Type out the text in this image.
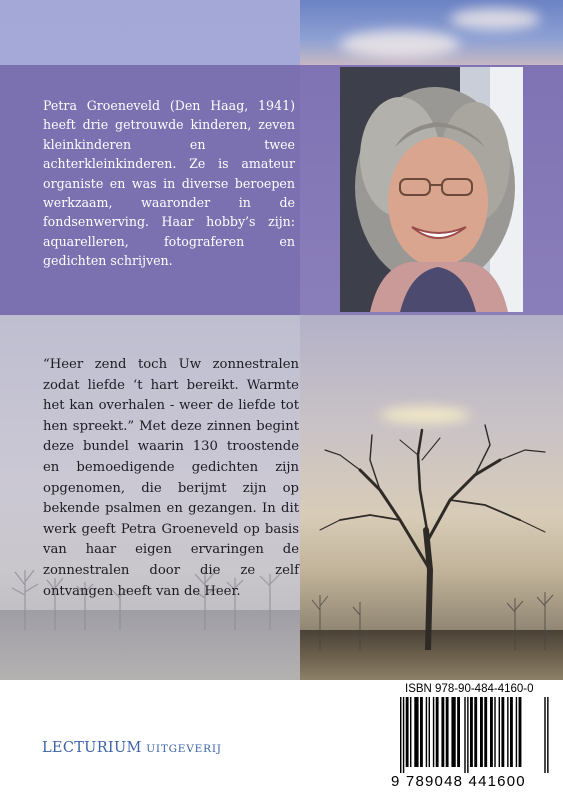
Petra Groeneveld (Den Haag, 1941) heeft drie getrouwde kinderen, zeven kleinkinderen en twee achterkleinkinderen. Ze is amateur organiste en was in diverse beroepen werkzaam, waaronder in de fondsenwerving. Haar hobby’s zijn: aquarelleren, fotograferen en gedichten schrijven.

“Heer zend toch Uw zonnestralen zodat liefde ‘t hart bereikt. Warmte het kan overhalen - weer de liefde tot hen spreekt.” Met deze zinnen begint deze bundel waarin 130 troostende en bemoedigende gedichten zijn opgenomen, die berijmt zijn op bekende psalmen en gezangen. In dit werk geeft Petra Groeneveld op basis van haar eigen ervaringen de zonnestralen door die ze zelf ontvangen heeft van de Heer.

LECTURIUM UITGEVERIJ
ISBN 978-90-484-4160-0
9 789048 441600
